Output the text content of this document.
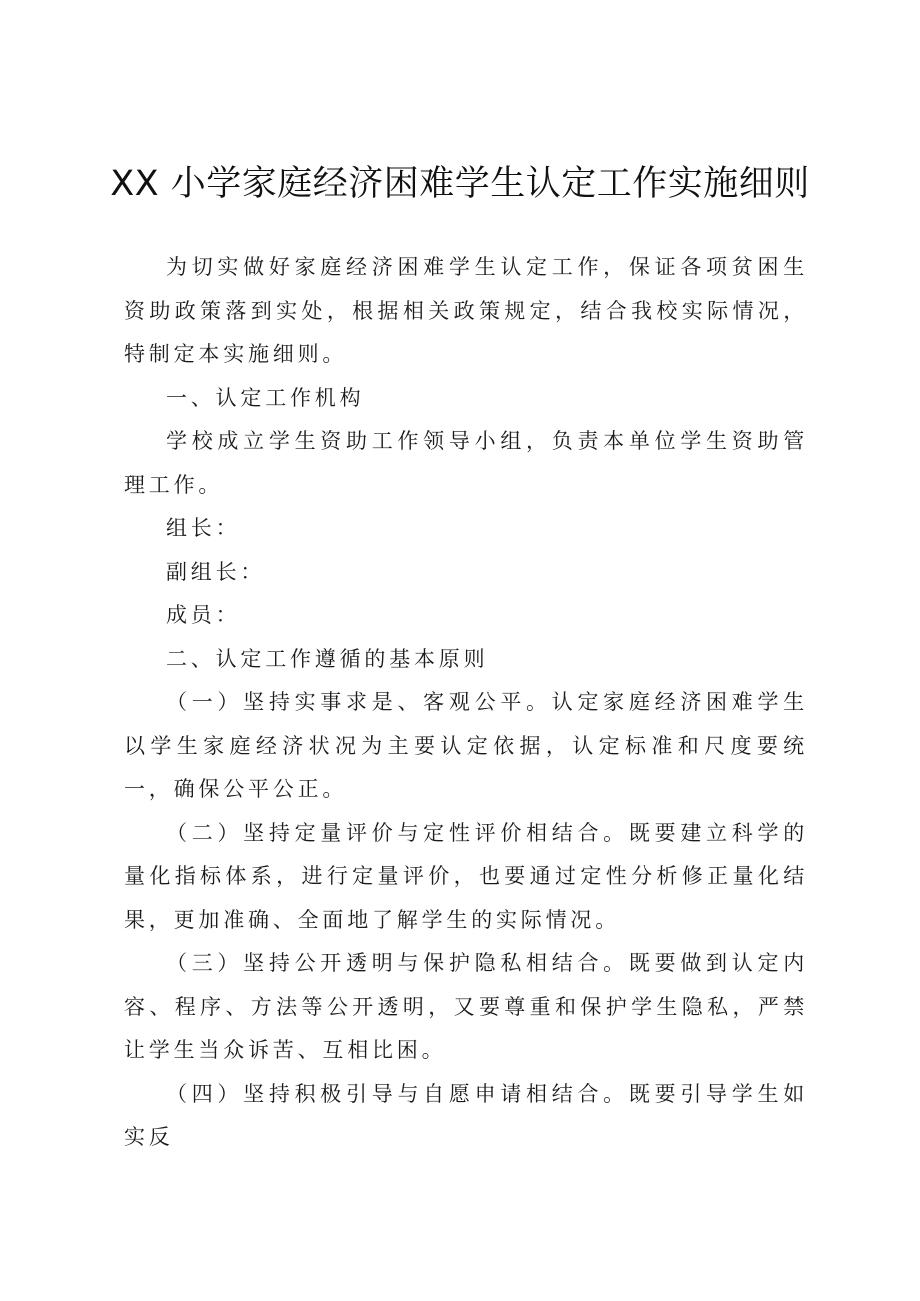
XX 小学家庭经济困难学生认定工作实施细则

为切实做好家庭经济困难学生认定工作，保证各项贫困生资助政策落到实处，根据相关政策规定，结合我校实际情况，特制定本实施细则。

一、认定工作机构

学校成立学生资助工作领导小组，负责本单位学生资助管理工作。

组长：

副组长：

成员：

二、认定工作遵循的基本原则

（一）坚持实事求是、客观公平。认定家庭经济困难学生以学生家庭经济状况为主要认定依据，认定标准和尺度要统一，确保公平公正。

（二）坚持定量评价与定性评价相结合。既要建立科学的量化指标体系，进行定量评价，也要通过定性分析修正量化结果，更加准确、全面地了解学生的实际情况。

（三）坚持公开透明与保护隐私相结合。既要做到认定内容、程序、方法等公开透明，又要尊重和保护学生隐私，严禁让学生当众诉苦、互相比困。

（四）坚持积极引导与自愿申请相结合。既要引导学生如实反
